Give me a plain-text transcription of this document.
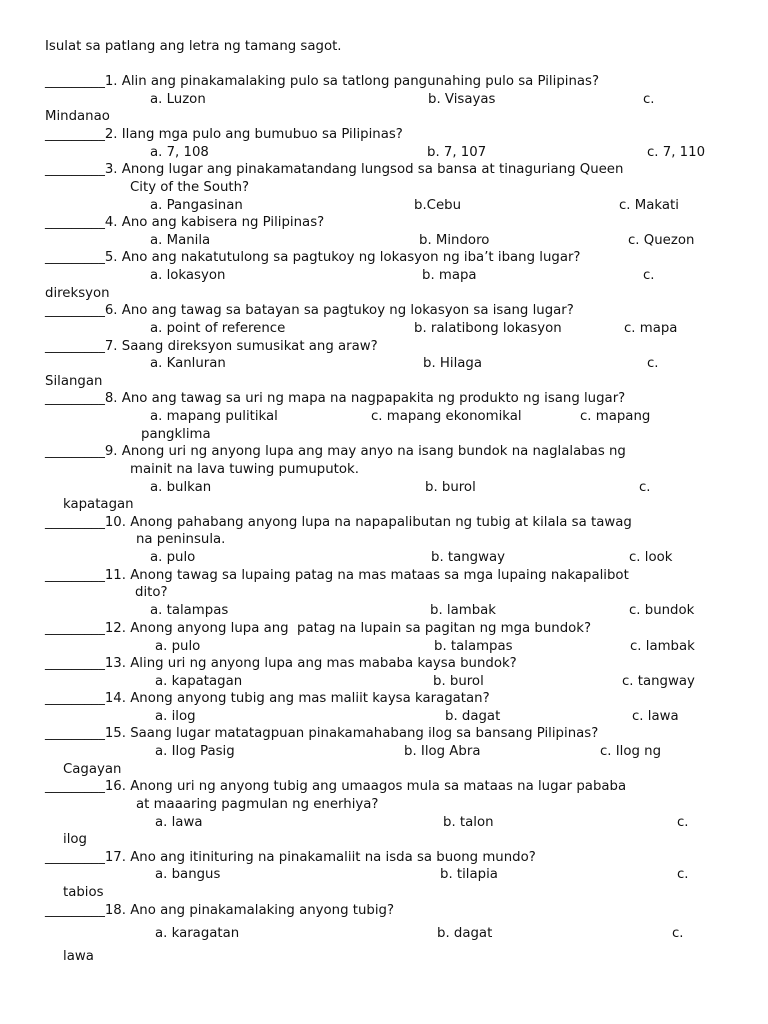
Isulat sa patlang ang letra ng tamang sagot.
_________1. Alin ang pinakamalaking pulo sa tatlong pangunahing pulo sa Pilipinas?
a. Luzon	b. Visayas	c.
Mindanao
_________2. Ilang mga pulo ang bumubuo sa Pilipinas?
a. 7, 108	b. 7, 107	c. 7, 110
_________3. Anong lugar ang pinakamatandang lungsod sa bansa at tinaguriang Queen
City of the South?
a. Pangasinan	b.Cebu	c. Makati
_________4. Ano ang kabisera ng Pilipinas?
a. Manila	b. Mindoro	c. Quezon
_________5. Ano ang nakatutulong sa pagtukoy ng lokasyon ng iba’t ibang lugar?
a. lokasyon	b. mapa	c.
direksyon
_________6. Ano ang tawag sa batayan sa pagtukoy ng lokasyon sa isang lugar?
a. point of reference	b. ralatibong lokasyon	c. mapa
_________7. Saang direksyon sumusikat ang araw?
a. Kanluran	b. Hilaga	c.
Silangan
_________8. Ano ang tawag sa uri ng mapa na nagpapakita ng produkto ng isang lugar?
a. mapang pulitikal	c. mapang ekonomikal	c. mapang
pangklima
_________9. Anong uri ng anyong lupa ang may anyo na isang bundok na naglalabas ng
mainit na lava tuwing pumuputok.
a. bulkan	b. burol	c.
kapatagan
_________10. Anong pahabang anyong lupa na napapalibutan ng tubig at kilala sa tawag
na peninsula.
a. pulo	b. tangway	c. look
_________11. Anong tawag sa lupaing patag na mas mataas sa mga lupaing nakapalibot
dito?
a. talampas	b. lambak	c. bundok
_________12. Anong anyong lupa ang  patag na lupain sa pagitan ng mga bundok?
a. pulo	b. talampas	c. lambak
_________13. Aling uri ng anyong lupa ang mas mababa kaysa bundok?
a. kapatagan	b. burol	c. tangway
_________14. Anong anyong tubig ang mas maliit kaysa karagatan?
a. ilog	b. dagat	c. lawa
_________15. Saang lugar matatagpuan pinakamahabang ilog sa bansang Pilipinas?
a. Ilog Pasig	b. Ilog Abra	c. Ilog ng
Cagayan
_________16. Anong uri ng anyong tubig ang umaagos mula sa mataas na lugar pababa
at maaaring pagmulan ng enerhiya?
a. lawa	b. talon	c.
ilog
_________17. Ano ang itinituring na pinakamaliit na isda sa buong mundo?
a. bangus	b. tilapia	c.
tabios
_________18. Ano ang pinakamalaking anyong tubig?
a. karagatan	b. dagat	c.
lawa
